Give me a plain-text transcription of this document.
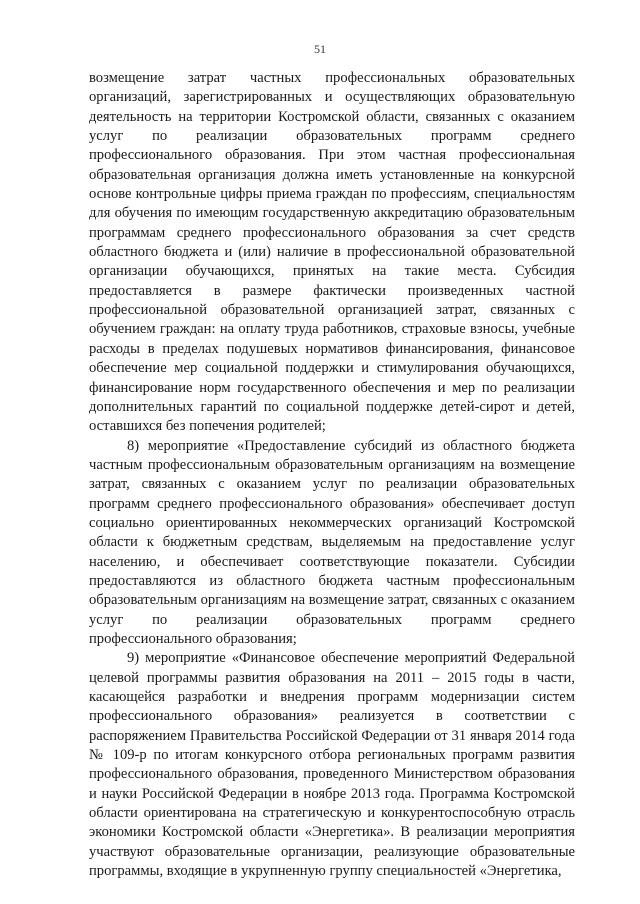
51

возмещение затрат частных профессиональных образовательных организаций, зарегистрированных и осуществляющих образовательную деятельность на территории Костромской области, связанных с оказанием услуг по реализации образовательных программ среднего профессионального образования. При этом частная профессиональная образовательная организация должна иметь установленные на конкурсной основе контрольные цифры приема граждан по профессиям, специальностям для обучения по имеющим государственную аккредитацию образовательным программам среднего профессионального образования за счет средств областного бюджета и (или) наличие в профессиональной образовательной организации обучающихся, принятых на такие места. Субсидия предоставляется в размере фактически произведенных частной профессиональной образовательной организацией затрат, связанных с обучением граждан: на оплату труда работников, страховые взносы, учебные расходы в пределах подушевых нормативов финансирования, финансовое обеспечение мер социальной поддержки и стимулирования обучающихся, финансирование норм государственного обеспечения и мер по реализации дополнительных гарантий по социальной поддержке детей-сирот и детей, оставшихся без попечения родителей;

8) мероприятие «Предоставление субсидий из областного бюджета частным профессиональным образовательным организациям на возмещение затрат, связанных с оказанием услуг по реализации образовательных программ среднего профессионального образования» обеспечивает доступ социально ориентированных некоммерческих организаций Костромской области к бюджетным средствам, выделяемым на предоставление услуг населению, и обеспечивает соответствующие показатели. Субсидии предоставляются из областного бюджета частным профессиональным образовательным организациям на возмещение затрат, связанных с оказанием услуг по реализации образовательных программ среднего профессионального образования;

9) мероприятие «Финансовое обеспечение мероприятий Федеральной целевой программы развития образования на 2011 – 2015 годы в части, касающейся разработки и внедрения программ модернизации систем профессионального образования» реализуется в соответствии с распоряжением Правительства Российской Федерации от 31 января 2014 года № 109-р по итогам конкурсного отбора региональных программ развития профессионального образования, проведенного Министерством образования и науки Российской Федерации в ноябре 2013 года. Программа Костромской области ориентирована на стратегическую и конкурентоспособную отрасль экономики Костромской области «Энергетика». В реализации мероприятия участвуют образовательные организации, реализующие образовательные программы, входящие в укрупненную группу специальностей «Энергетика,
